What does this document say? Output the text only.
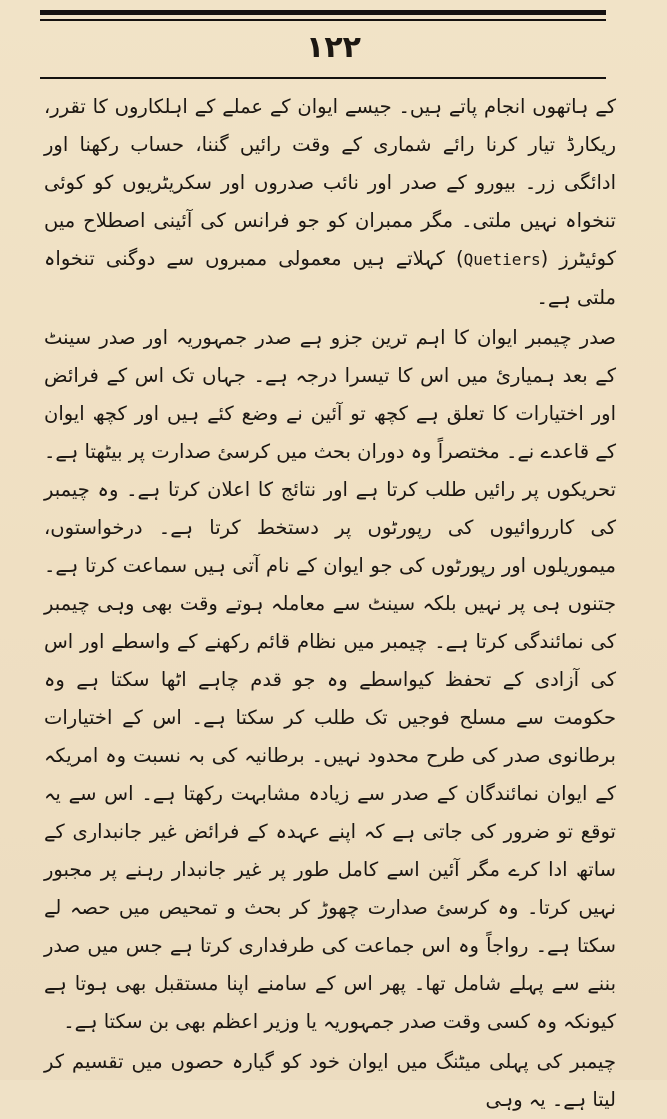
۱۲۲

کے ہاتھوں انجام پاتے ہیں۔ جیسے ایوان کے عملے کے اہلکاروں کا تقرر، ریکارڈ تیار کرنا رائے شماری کے وقت رائیں گننا، حساب رکھنا اور ادائگی زر۔ بیورو کے صدر اور نائب صدروں اور سکریٹریوں کو کوئی تنخواہ نہیں ملتی۔ مگر ممبران کو جو فرانس کی آئینی اصطلاح میں کوئیٹرز (Quetiers) کہلاتے ہیں معمولی ممبروں سے دوگنی تنخواہ ملتی ہے۔

صدر چیمبر ایوان کا اہم ترین جزو ہے صدر جمہوریہ اور صدر سینٹ کے بعد ہمیارئ میں اس کا تیسرا درجہ ہے۔ جہاں تک اس کے فرائض اور اختیارات کا تعلق ہے کچھ تو آئین نے وضع کئے ہیں اور کچھ ایوان کے قاعدے نے۔ مختصراً وہ دوران بحث میں کرسئ صدارت پر بیٹھتا ہے۔ تحریکوں پر رائیں طلب کرتا ہے اور نتائج کا اعلان کرتا ہے۔ وہ چیمبر کی کارروائیوں کی رپورٹوں پر دستخط کرتا ہے۔ درخواستوں، میموریلوں اور رپورٹوں کی جو ایوان کے نام آتی ہیں سماعت کرتا ہے۔ جتنوں ہی پر نہیں بلکہ سینٹ سے معاملہ ہوتے وقت بھی وہی چیمبر کی نمائندگی کرتا ہے۔ چیمبر میں نظام قائم رکھنے کے واسطے اور اس کی آزادی کے تحفظ کیواسطے وہ جو قدم چاہے اٹھا سکتا ہے وہ حکومت سے مسلح فوجیں تک طلب کر سکتا ہے۔ اس کے اختیارات برطانوی صدر کی طرح محدود نہیں۔ برطانیہ کی بہ نسبت وہ امریکہ کے ایوان نمائندگان کے صدر سے زیادہ مشابہت رکھتا ہے۔ اس سے یہ توقع تو ضرور کی جاتی ہے کہ اپنے عہدہ کے فرائض غیر جانبداری کے ساتھ ادا کرے مگر آئین اسے کامل طور پر غیر جانبدار رہنے پر مجبور نہیں کرتا۔ وہ کرسئ صدارت چھوڑ کر بحث و تمحیص میں حصہ لے سکتا ہے۔ رواجاً وہ اس جماعت کی طرفداری کرتا ہے جس میں صدر بننے سے پہلے شامل تھا۔ پھر اس کے سامنے اپنا مستقبل بھی ہوتا ہے کیونکہ وہ کسی وقت صدر جمہوریہ یا وزیر اعظم بھی بن سکتا ہے۔

چیمبر کی پہلی میٹنگ میں ایوان خود کو گیارہ حصوں میں تقسیم کر لیتا ہے۔ یہ وہی
